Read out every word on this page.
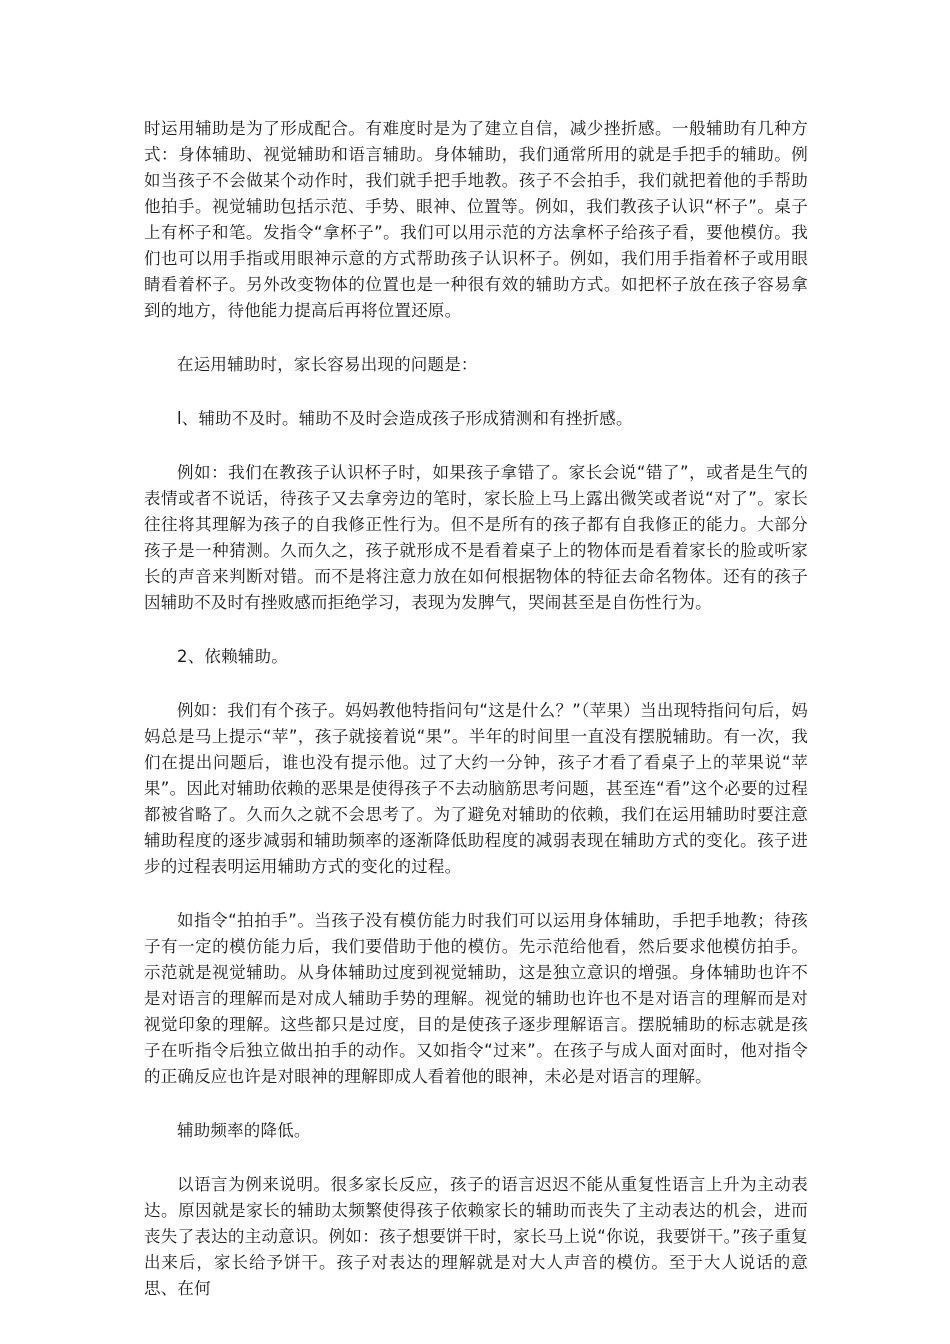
时运用辅助是为了形成配合。有难度时是为了建立自信，减少挫折感。一般辅助有几种方式：身体辅助、视觉辅助和语言辅助。身体辅助，我们通常所用的就是手把手的辅助。例如当孩子不会做某个动作时，我们就手把手地教。孩子不会拍手，我们就把着他的手帮助他拍手。视觉辅助包括示范、手势、眼神、位置等。例如，我们教孩子认识“杯子”。桌子上有杯子和笔。发指令“拿杯子”。我们可以用示范的方法拿杯子给孩子看，要他模仿。我们也可以用手指或用眼神示意的方式帮助孩子认识杯子。例如，我们用手指着杯子或用眼睛看着杯子。另外改变物体的位置也是一种很有效的辅助方式。如把杯子放在孩子容易拿到的地方，待他能力提高后再将位置还原。

在运用辅助时，家长容易出现的问题是：

l、辅助不及时。辅助不及时会造成孩子形成猜测和有挫折感。

例如：我们在教孩子认识杯子时，如果孩子拿错了。家长会说“错了”，或者是生气的表情或者不说话，待孩子又去拿旁边的笔时，家长脸上马上露出微笑或者说“对了”。家长往往将其理解为孩子的自我修正性行为。但不是所有的孩子都有自我修正的能力。大部分孩子是一种猜测。久而久之，孩子就形成不是看着桌子上的物体而是看着家长的脸或听家长的声音来判断对错。而不是将注意力放在如何根据物体的特征去命名物体。还有的孩子因辅助不及时有挫败感而拒绝学习，表现为发脾气，哭闹甚至是自伤性行为。

2、依赖辅助。

例如：我们有个孩子。妈妈教他特指问句“这是什么？”（苹果）当出现特指问句后，妈妈总是马上提示“苹”，孩子就接着说“果”。半年的时间里一直没有摆脱辅助。有一次，我们在提出问题后，谁也没有提示他。过了大约一分钟，孩子才看了看桌子上的苹果说“苹果”。因此对辅助依赖的恶果是使得孩子不去动脑筋思考问题，甚至连“看”这个必要的过程都被省略了。久而久之就不会思考了。为了避免对辅助的依赖，我们在运用辅助时要注意辅助程度的逐步减弱和辅助频率的逐渐降低助程度的减弱表现在辅助方式的变化。孩子进步的过程表明运用辅助方式的变化的过程。

如指令“拍拍手”。当孩子没有模仿能力时我们可以运用身体辅助，手把手地教；待孩子有一定的模仿能力后，我们要借助于他的模仿。先示范给他看，然后要求他模仿拍手。示范就是视觉辅助。从身体辅助过度到视觉辅助，这是独立意识的增强。身体辅助也许不是对语言的理解而是对成人辅助手势的理解。视觉的辅助也许也不是对语言的理解而是对视觉印象的理解。这些都只是过度，目的是使孩子逐步理解语言。摆脱辅助的标志就是孩子在听指令后独立做出拍手的动作。又如指令“过来”。在孩子与成人面对面时，他对指令的正确反应也许是对眼神的理解即成人看着他的眼神，未必是对语言的理解。

辅助频率的降低。

以语言为例来说明。很多家长反应，孩子的语言迟迟不能从重复性语言上升为主动表达。原因就是家长的辅助太频繁使得孩子依赖家长的辅助而丧失了主动表达的机会，进而丧失了表达的主动意识。例如：孩子想要饼干时，家长马上说“你说，我要饼干。”孩子重复出来后，家长给予饼干。孩子对表达的理解就是对大人声音的模仿。至于大人说话的意思、在何
